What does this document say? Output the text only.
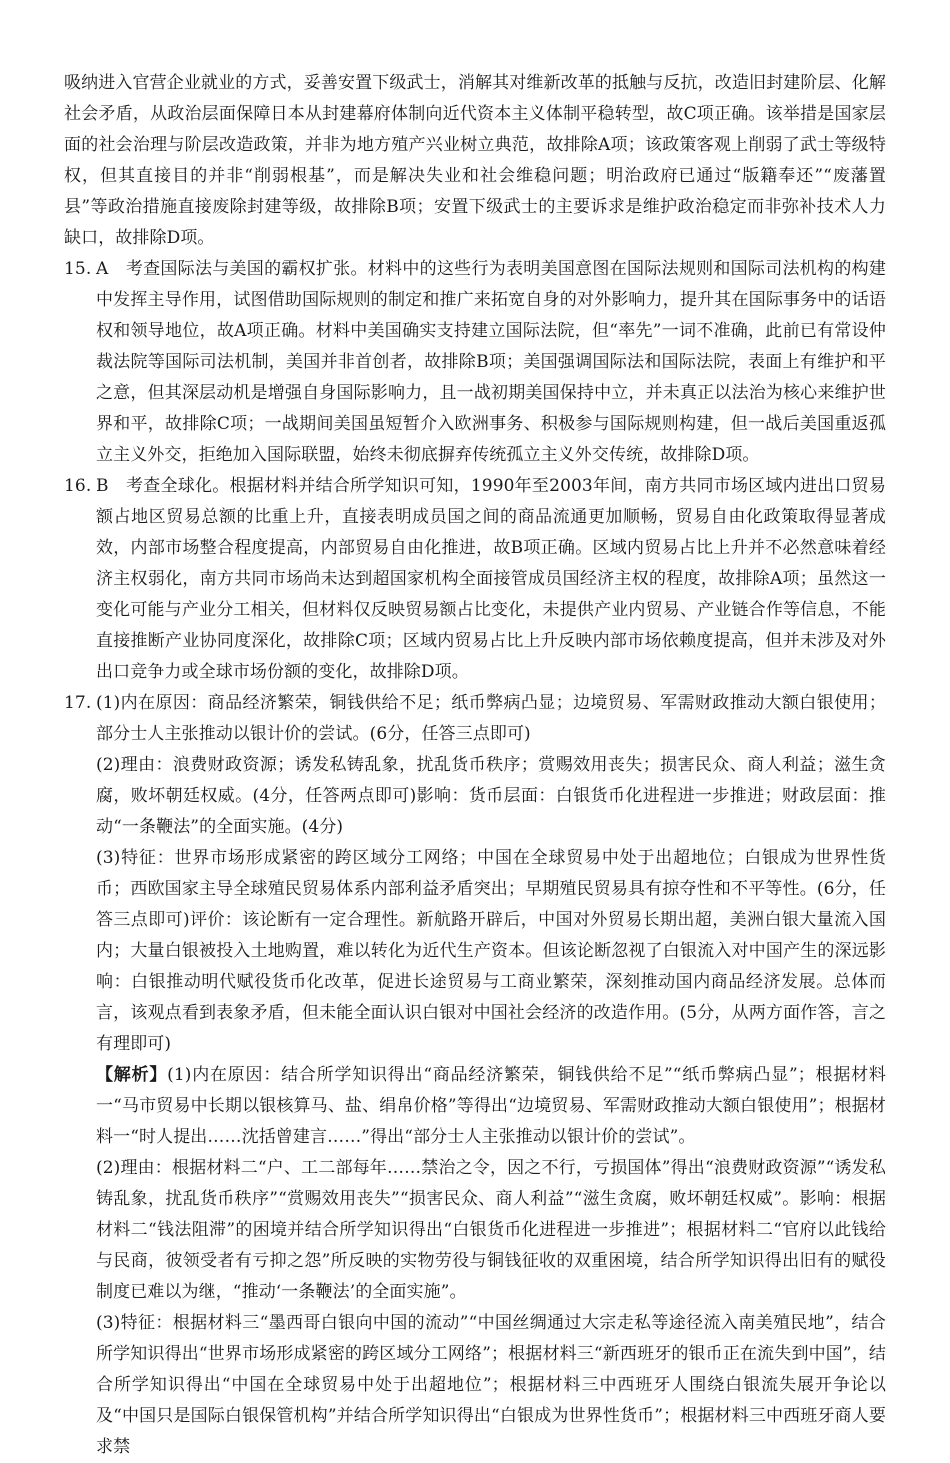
吸纳进入官营企业就业的方式，妥善安置下级武士，消解其对维新改革的抵触与反抗，改造旧封建阶层、化解社会矛盾，从政治层面保障日本从封建幕府体制向近代资本主义体制平稳转型，故C项正确。该举措是国家层面的社会治理与阶层改造政策，并非为地方殖产兴业树立典范，故排除A项；该政策客观上削弱了武士等级特权，但其直接目的并非“削弱根基”，而是解决失业和社会维稳问题；明治政府已通过“版籍奉还”“废藩置县”等政治措施直接废除封建等级，故排除B项；安置下级武士的主要诉求是维护政治稳定而非弥补技术人力缺口，故排除D项。

15. A　考查国际法与美国的霸权扩张。材料中的这些行为表明美国意图在国际法规则和国际司法机构的构建中发挥主导作用，试图借助国际规则的制定和推广来拓宽自身的对外影响力，提升其在国际事务中的话语权和领导地位，故A项正确。材料中美国确实支持建立国际法院，但“率先”一词不准确，此前已有常设仲裁法院等国际司法机制，美国并非首创者，故排除B项；美国强调国际法和国际法院，表面上有维护和平之意，但其深层动机是增强自身国际影响力，且一战初期美国保持中立，并未真正以法治为核心来维护世界和平，故排除C项；一战期间美国虽短暂介入欧洲事务、积极参与国际规则构建，但一战后美国重返孤立主义外交，拒绝加入国际联盟，始终未彻底摒弃传统孤立主义外交传统，故排除D项。

16. B　考查全球化。根据材料并结合所学知识可知，1990年至2003年间，南方共同市场区域内进出口贸易额占地区贸易总额的比重上升，直接表明成员国之间的商品流通更加顺畅，贸易自由化政策取得显著成效，内部市场整合程度提高，内部贸易自由化推进，故B项正确。区域内贸易占比上升并不必然意味着经济主权弱化，南方共同市场尚未达到超国家机构全面接管成员国经济主权的程度，故排除A项；虽然这一变化可能与产业分工相关，但材料仅反映贸易额占比变化，未提供产业内贸易、产业链合作等信息，不能直接推断产业协同度深化，故排除C项；区域内贸易占比上升反映内部市场依赖度提高，但并未涉及对外出口竞争力或全球市场份额的变化，故排除D项。

17. (1)内在原因：商品经济繁荣，铜钱供给不足；纸币弊病凸显；边境贸易、军需财政推动大额白银使用；部分士人主张推动以银计价的尝试。(6分，任答三点即可)

(2)理由：浪费财政资源；诱发私铸乱象，扰乱货币秩序；赏赐效用丧失；损害民众、商人利益；滋生贪腐，败坏朝廷权威。(4分，任答两点即可)影响：货币层面：白银货币化进程进一步推进；财政层面：推动“一条鞭法”的全面实施。(4分)

(3)特征：世界市场形成紧密的跨区域分工网络；中国在全球贸易中处于出超地位；白银成为世界性货币；西欧国家主导全球殖民贸易体系内部利益矛盾突出；早期殖民贸易具有掠夺性和不平等性。(6分，任答三点即可)评价：该论断有一定合理性。新航路开辟后，中国对外贸易长期出超，美洲白银大量流入国内；大量白银被投入土地购置，难以转化为近代生产资本。但该论断忽视了白银流入对中国产生的深远影响：白银推动明代赋役货币化改革，促进长途贸易与工商业繁荣，深刻推动国内商品经济发展。总体而言，该观点看到表象矛盾，但未能全面认识白银对中国社会经济的改造作用。(5分，从两方面作答，言之有理即可)

【解析】(1)内在原因：结合所学知识得出“商品经济繁荣，铜钱供给不足”“纸币弊病凸显”；根据材料一“马市贸易中长期以银核算马、盐、绢帛价格”等得出“边境贸易、军需财政推动大额白银使用”；根据材料一“时人提出……沈括曾建言……”得出“部分士人主张推动以银计价的尝试”。

(2)理由：根据材料二“户、工二部每年……禁治之令，因之不行，亏损国体”得出“浪费财政资源”“诱发私铸乱象，扰乱货币秩序”“赏赐效用丧失”“损害民众、商人利益”“滋生贪腐，败坏朝廷权威”。影响：根据材料二“钱法阻滞”的困境并结合所学知识得出“白银货币化进程进一步推进”；根据材料二“官府以此钱给与民商，彼领受者有亏抑之怨”所反映的实物劳役与铜钱征收的双重困境，结合所学知识得出旧有的赋役制度已难以为继，“推动‘一条鞭法’的全面实施”。

(3)特征：根据材料三“墨西哥白银向中国的流动”“中国丝绸通过大宗走私等途径流入南美殖民地”，结合所学知识得出“世界市场形成紧密的跨区域分工网络”；根据材料三“新西班牙的银币正在流失到中国”，结合所学知识得出“中国在全球贸易中处于出超地位”；根据材料三中西班牙人围绕白银流失展开争论以及“中国只是国际白银保管机构”并结合所学知识得出“白银成为世界性货币”；根据材料三中西班牙商人要求禁
